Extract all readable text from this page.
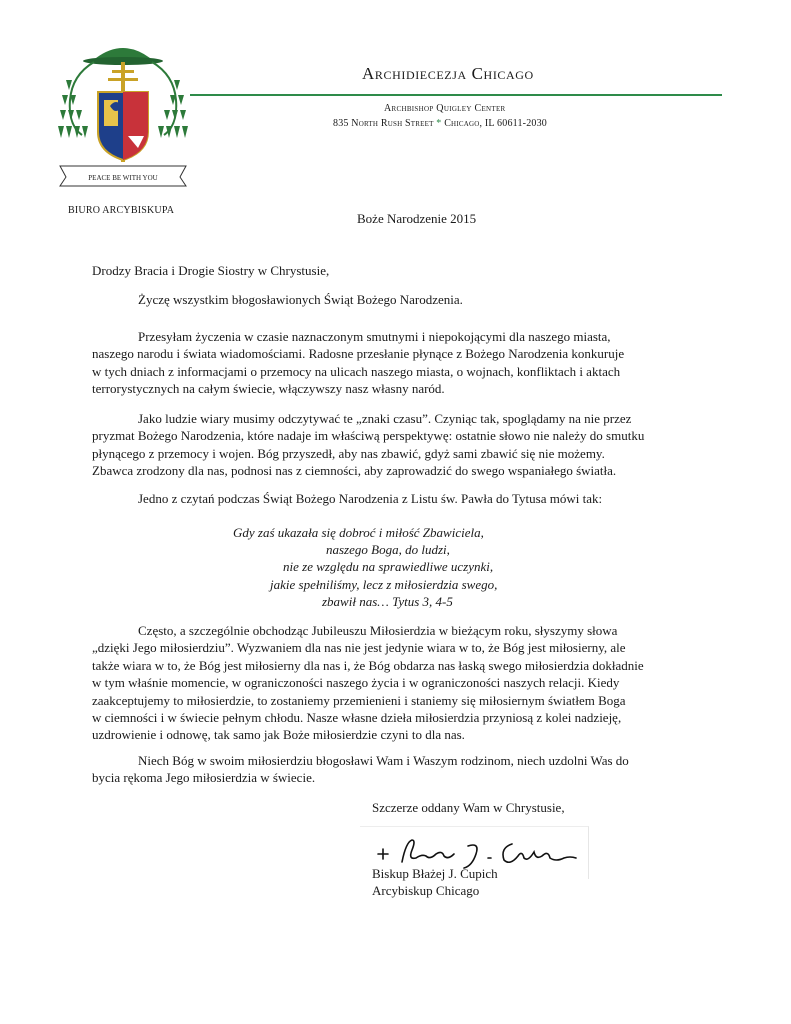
PEACE BE WITH YOU
BIURO ARCYBISKUPA
Archidiecezja Chicago
Archbishop Quigley Center
835 North Rush Street * Chicago, IL 60611-2030
Boże Narodzenie 2015
Drodzy Bracia i Drogie Siostry w Chrystusie,
Życzę wszystkim błogosławionych Świąt Bożego Narodzenia.
Przesyłam życzenia w czasie naznaczonym smutnymi i niepokojącymi dla naszego miasta,
naszego narodu i świata wiadomościami. Radosne przesłanie płynące z Bożego Narodzenia konkuruje
w tych dniach z informacjami o przemocy na ulicach naszego miasta, o wojnach, konfliktach i aktach
terrorystycznych na całym świecie, włączywszy nasz własny naród.
Jako ludzie wiary musimy odczytywać te „znaki czasu”. Czyniąc tak, spoglądamy na nie przez
pryzmat Bożego Narodzenia, które nadaje im właściwą perspektywę: ostatnie słowo nie należy do smutku
płynącego z przemocy i wojen. Bóg przyszedł, aby nas zbawić, gdyż sami zbawić się nie możemy.
Zbawca zrodzony dla nas, podnosi nas z ciemności, aby zaprowadzić do swego wspaniałego światła.
Jedno z czytań podczas Świąt Bożego Narodzenia z Listu św. Pawła do Tytusa mówi tak:
Gdy zaś ukazała się dobroć i miłość Zbawiciela,
naszego Boga, do ludzi,
nie ze względu na sprawiedliwe uczynki,
jakie spełniliśmy, lecz z miłosierdzia swego,
zbawił nas… Tytus 3, 4-5
Często, a szczególnie obchodząc Jubileuszu Miłosierdzia w bieżącym roku, słyszymy słowa
„dzięki Jego miłosierdziu”. Wyzwaniem dla nas nie jest jedynie wiara w to, że Bóg jest miłosierny, ale
także wiara w to, że Bóg jest miłosierny dla nas i, że Bóg obdarza nas łaską swego miłosierdzia dokładnie
w tym właśnie momencie, w ograniczoności naszego życia i w ograniczoności naszych relacji. Kiedy
zaakceptujemy to miłosierdzie, to zostaniemy przemienieni i staniemy się miłosiernym światłem Boga
w ciemności i w świecie pełnym chłodu. Nasze własne dzieła miłosierdzia przyniosą z kolei nadzieję,
uzdrowienie i odnowę, tak samo jak Boże miłosierdzie czyni to dla nas.
Niech Bóg w swoim miłosierdziu błogosławi Wam i Waszym rodzinom, niech uzdolni Was do
bycia rękoma Jego miłosierdzia w świecie.
Szczerze oddany Wam w Chrystusie,
Biskup Błażej J. Cupich
Arcybiskup Chicago
